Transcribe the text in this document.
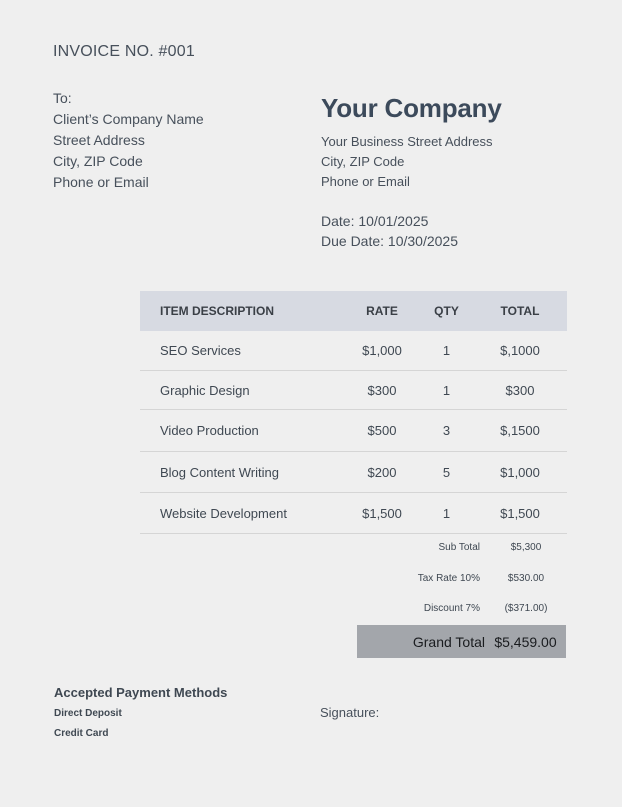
INVOICE NO. #001
To:
Client’s Company Name
Street Address
City, ZIP Code
Phone or Email
Your Company
Your Business Street Address
City, ZIP Code
Phone or Email
Date: 10/01/2025
Due Date: 10/30/2025
ITEM DESCRIPTION	RATE	QTY	TOTAL
SEO Services	$1,000	1	$,1000
Graphic Design	$300	1	$300
Video Production	$500	3	$,1500
Blog Content Writing	$200	5	$1,000
Website Development	$1,500	1	$1,500
Sub Total	$5,300
Tax Rate 10%	$530.00
Discount 7%	($371.00)
Grand Total $5,459.00
Accepted Payment Methods
Direct Deposit
Credit Card
Signature:
